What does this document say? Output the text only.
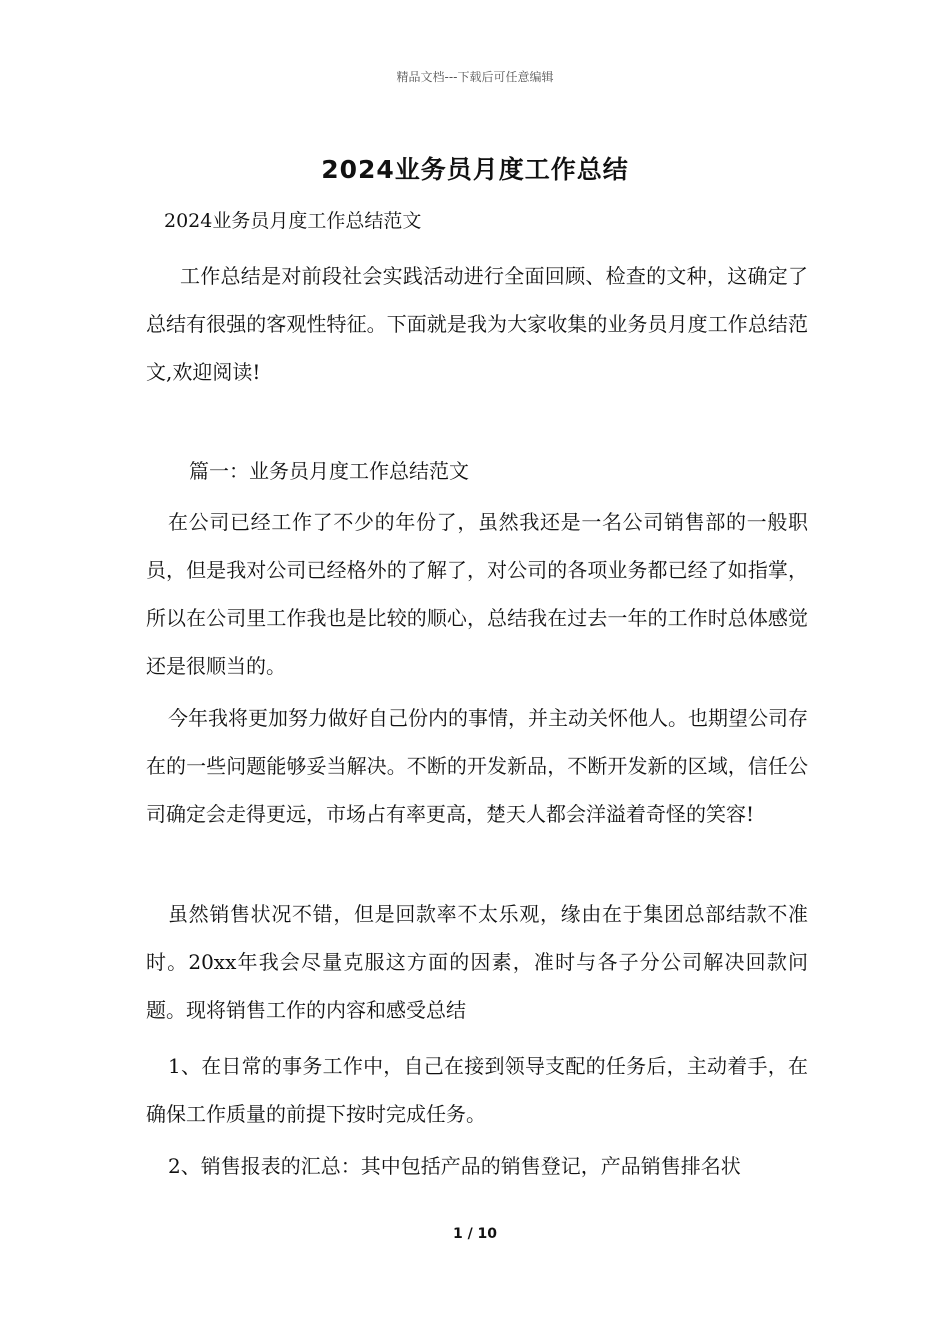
精品文档---下载后可任意编辑
2024业务员月度工作总结
2024业务员月度工作总结范文

工作总结是对前段社会实践活动进行全面回顾、检查的文种，这确定了总结有很强的客观性特征。下面就是我为大家收集的业务员月度工作总结范文,欢迎阅读!

篇一：业务员月度工作总结范文

在公司已经工作了不少的年份了，虽然我还是一名公司销售部的一般职员，但是我对公司已经格外的了解了，对公司的各项业务都已经了如指掌，所以在公司里工作我也是比较的顺心，总结我在过去一年的工作时总体感觉还是很顺当的。

今年我将更加努力做好自己份内的事情，并主动关怀他人。也期望公司存在的一些问题能够妥当解决。不断的开发新品，不断开发新的区域，信任公司确定会走得更远，市场占有率更高，楚天人都会洋溢着奇怪的笑容!

虽然销售状况不错，但是回款率不太乐观，缘由在于集团总部结款不准时。20xx年我会尽量克服这方面的因素，准时与各子分公司解决回款问题。现将销售工作的内容和感受总结

1、在日常的事务工作中，自己在接到领导支配的任务后，主动着手，在确保工作质量的前提下按时完成任务。

2、销售报表的汇总：其中包括产品的销售登记，产品销售排名状

1 / 10
